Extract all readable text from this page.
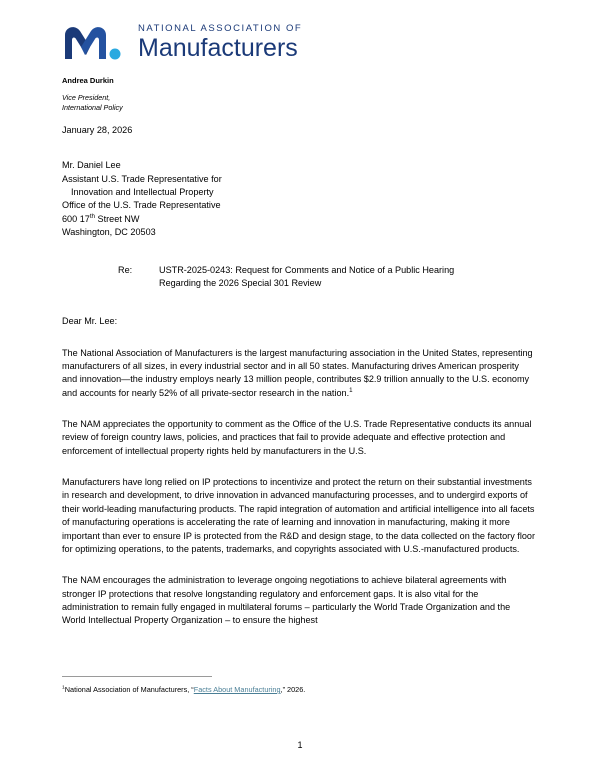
NATIONAL ASSOCIATION OF
Manufacturers
Andrea Durkin
Vice President,
International Policy
January 28, 2026
Mr. Daniel Lee
Assistant U.S. Trade Representative for
Innovation and Intellectual Property
Office of the U.S. Trade Representative
600 17th Street NW
Washington, DC 20503
Re:	USTR-2025-0243: Request for Comments and Notice of a Public Hearing
Regarding the 2026 Special 301 Review
Dear Mr. Lee:

The National Association of Manufacturers is the largest manufacturing association in the United States, representing manufacturers of all sizes, in every industrial sector and in all 50 states. Manufacturing drives American prosperity and innovation—the industry employs nearly 13 million people, contributes $2.9 trillion annually to the U.S. economy and accounts for nearly 52% of all private-sector research in the nation.$^1$

The NAM appreciates the opportunity to comment as the Office of the U.S. Trade Representative conducts its annual review of foreign country laws, policies, and practices that fail to provide adequate and effective protection and enforcement of intellectual property rights held by manufacturers in the U.S.

Manufacturers have long relied on IP protections to incentivize and protect the return on their substantial investments in research and development, to drive innovation in advanced manufacturing processes, and to undergird exports of their world-leading manufacturing products. The rapid integration of automation and artificial intelligence into all facets of manufacturing operations is accelerating the rate of learning and innovation in manufacturing, making it more important than ever to ensure IP is protected from the R&D and design stage, to the data collected on the factory floor for optimizing operations, to the patents, trademarks, and copyrights associated with U.S.-manufactured products.

The NAM encourages the administration to leverage ongoing negotiations to achieve bilateral agreements with stronger IP protections that resolve longstanding regulatory and enforcement gaps. It is also vital for the administration to remain fully engaged in multilateral forums – particularly the World Trade Organization and the World Intellectual Property Organization – to ensure the highest

$^1$National Association of Manufacturers, “Facts About Manufacturing,” 2026.
1
